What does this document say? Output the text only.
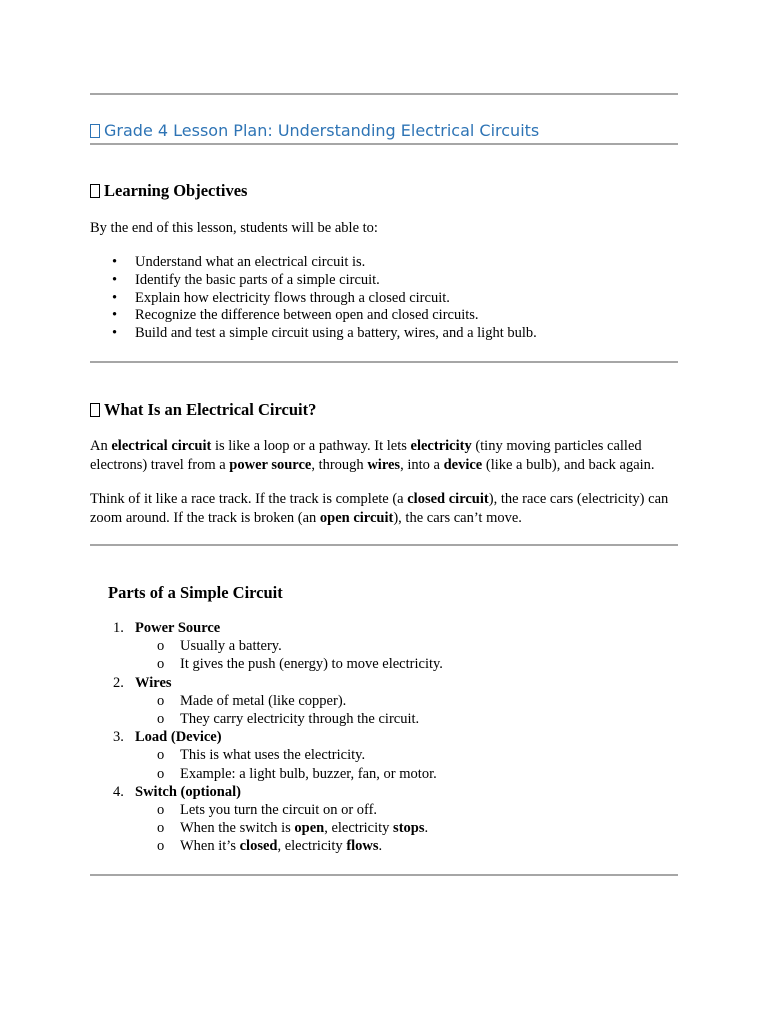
Grade 4 Lesson Plan: Understanding Electrical Circuits
Learning Objectives
By the end of this lesson, students will be able to:
• Understand what an electrical circuit is.
• Identify the basic parts of a simple circuit.
• Explain how electricity flows through a closed circuit.
• Recognize the difference between open and closed circuits.
• Build and test a simple circuit using a battery, wires, and a light bulb.
What Is an Electrical Circuit?
An electrical circuit is like a loop or a pathway. It lets electricity (tiny moving particles called electrons) travel from a power source, through wires, into a device (like a bulb), and back again.
Think of it like a race track. If the track is complete (a closed circuit), the race cars (electricity) can zoom around. If the track is broken (an open circuit), the cars can’t move.
Parts of a Simple Circuit
1. Power Source
o Usually a battery.
o It gives the push (energy) to move electricity.
2. Wires
o Made of metal (like copper).
o They carry electricity through the circuit.
3. Load (Device)
o This is what uses the electricity.
o Example: a light bulb, buzzer, fan, or motor.
4. Switch (optional)
o Lets you turn the circuit on or off.
o When the switch is open, electricity stops.
o When it’s closed, electricity flows.
